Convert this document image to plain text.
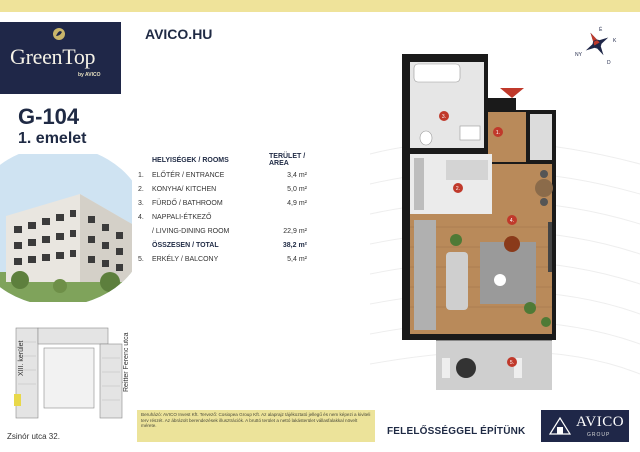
GreenTop
by AVICO
AVICO.HU
G-104
1. emelet
XIII. kerület	Reitter Ferenc utca
Zsinór utca 32.
	HELYISÉGEK / ROOMS	TERÜLET / AREA
1.	ELŐTÉR / ENTRANCE	3,4 m²
2.	KONYHA/ KITCHEN	5,0 m²
3.	FÜRDŐ / BATHROOM	4,9 m²
4.	NAPPALI-ÉTKEZŐ	
	/ LIVING-DINING ROOM	22,9 m²
	ÖSSZESEN / TOTAL	38,2 m²
5.	ERKÉLY / BALCONY	5,4 m²
É
K
D
NY
1.
2.
3.
4.
5.
Beruházó: AVICO Invest Kft. Tervező: Cosiopea Group Kft. Az alaprajz tájékoztató jellegű és nem képezi a kiviteli terv részét. Az ábrázolt berendezések illusztrációk. A bruttó terület a nettó lakásterület vállasfalakkal növelt mérete.
FELELŐSSÉGGEL ÉPÍTÜNK
AVICO
GROUP
